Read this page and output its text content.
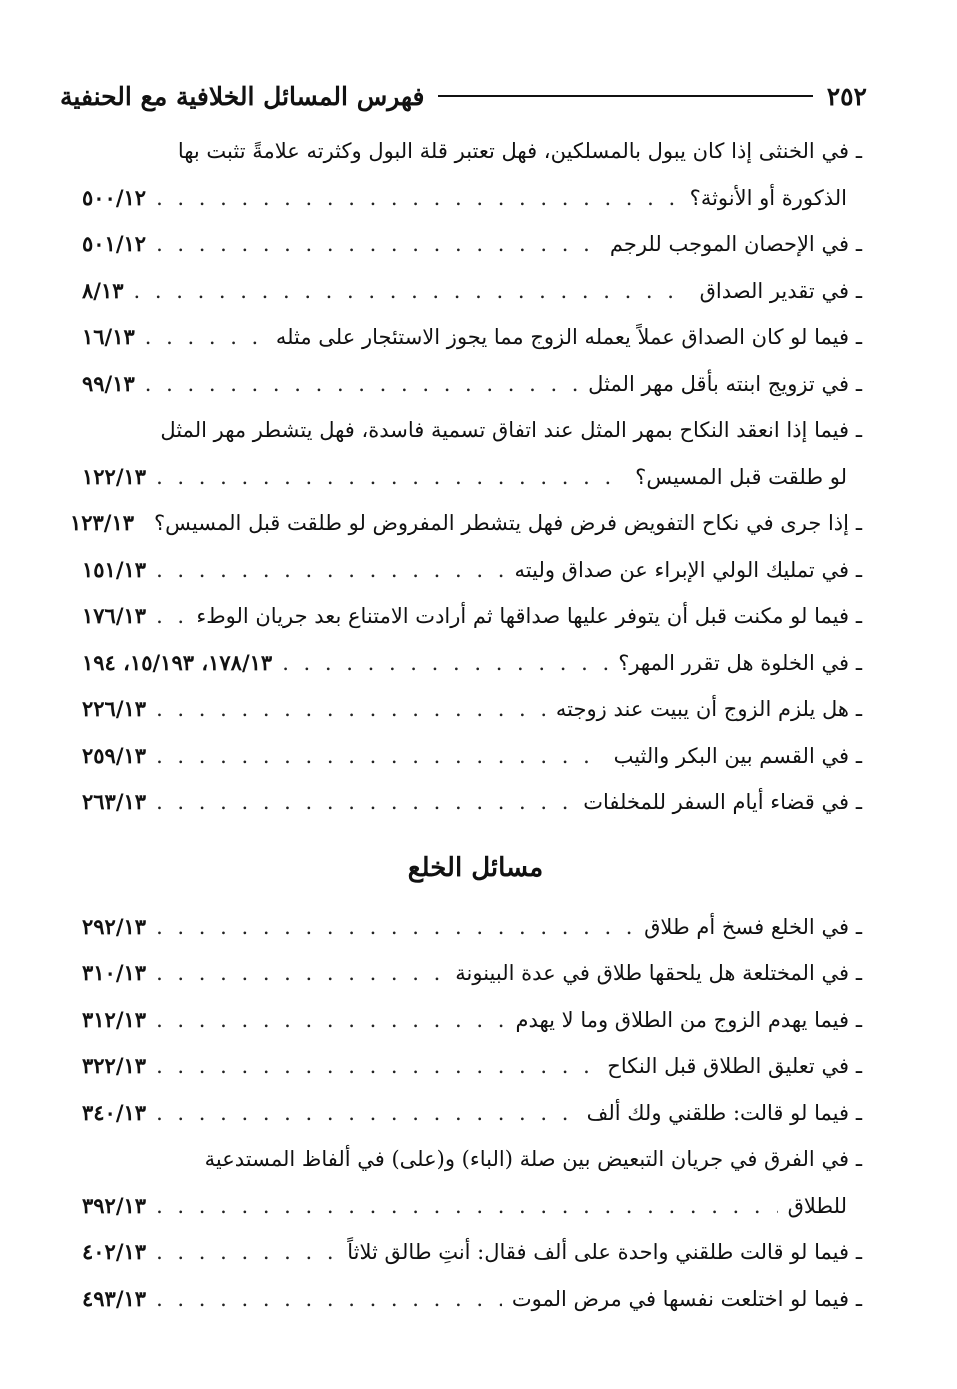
٢٥٢
فهرس المسائل الخلافية مع الحنفية
ـ
في الخنثى إذا كان يبول بالمسلكين، فهل تعتبر قلة البول وكثرته علامةً تثبت بها
الذكورة أو الأنوثة؟
. . .
٥٠٠/١٢
ـ
في الإحصان الموجب للرجم
. . .
٥٠١/١٢
ـ
في تقدير الصداق
. . .
٨/١٣
ـ
فيما لو كان الصداق عملاً يعمله الزوج مما يجوز الاستئجار على مثله
. . .
١٦/١٣
ـ
في تزويج ابنته بأقل مهر المثل
. . .
٩٩/١٣
ـ
فيما إذا انعقد النكاح بمهر المثل عند اتفاق تسمية فاسدة، فهل يتشطر مهر المثل
لو طلقت قبل المسيس؟
. . .
١٢٢/١٣
ـ
إذا جرى في نكاح التفويض فرض فهل يتشطر المفروض لو طلقت قبل المسيس؟
١٢٣/١٣
ـ
في تمليك الولي الإبراء عن صداق وليته
. . .
١٥١/١٣
ـ
فيما لو مكنت قبل أن يتوفر عليها صداقها ثم أرادت الامتناع بعد جريان الوطء
. . .
١٧٦/١٣
ـ
في الخلوة هل تقرر المهر؟
. . .
١٧٨/١٣، ١٥/١٩٣، ١٩٤
ـ
هل يلزم الزوج أن يبيت عند زوجته
. . .
٢٢٦/١٣
ـ
في القسم بين البكر والثيب
. . .
٢٥٩/١٣
ـ
في قضاء أيام السفر للمخلفات
. . .
٢٦٣/١٣
مسائل الخلع
ـ
في الخلع فسخ أم طلاق
. . .
٢٩٢/١٣
ـ
في المختلعة هل يلحقها طلاق في عدة البينونة
. . .
٣١٠/١٣
ـ
فيما يهدم الزوج من الطلاق وما لا يهدم
. . .
٣١٢/١٣
ـ
في تعليق الطلاق قبل النكاح
. . .
٣٢٢/١٣
ـ
فيما لو قالت: طلقني ولك ألف
. . .
٣٤٠/١٣
ـ
في الفرق في جريان التبعيض بين صلة (الباء) و(على) في ألفاظ المستدعية
للطلاق
. . .
٣٩٢/١٣
ـ
فيما لو قالت طلقني واحدة على ألف فقال: أنتِ طالق ثلاثاً
. . .
٤٠٢/١٣
ـ
فيما لو اختلعت نفسها في مرض الموت
. . .
٤٩٣/١٣
